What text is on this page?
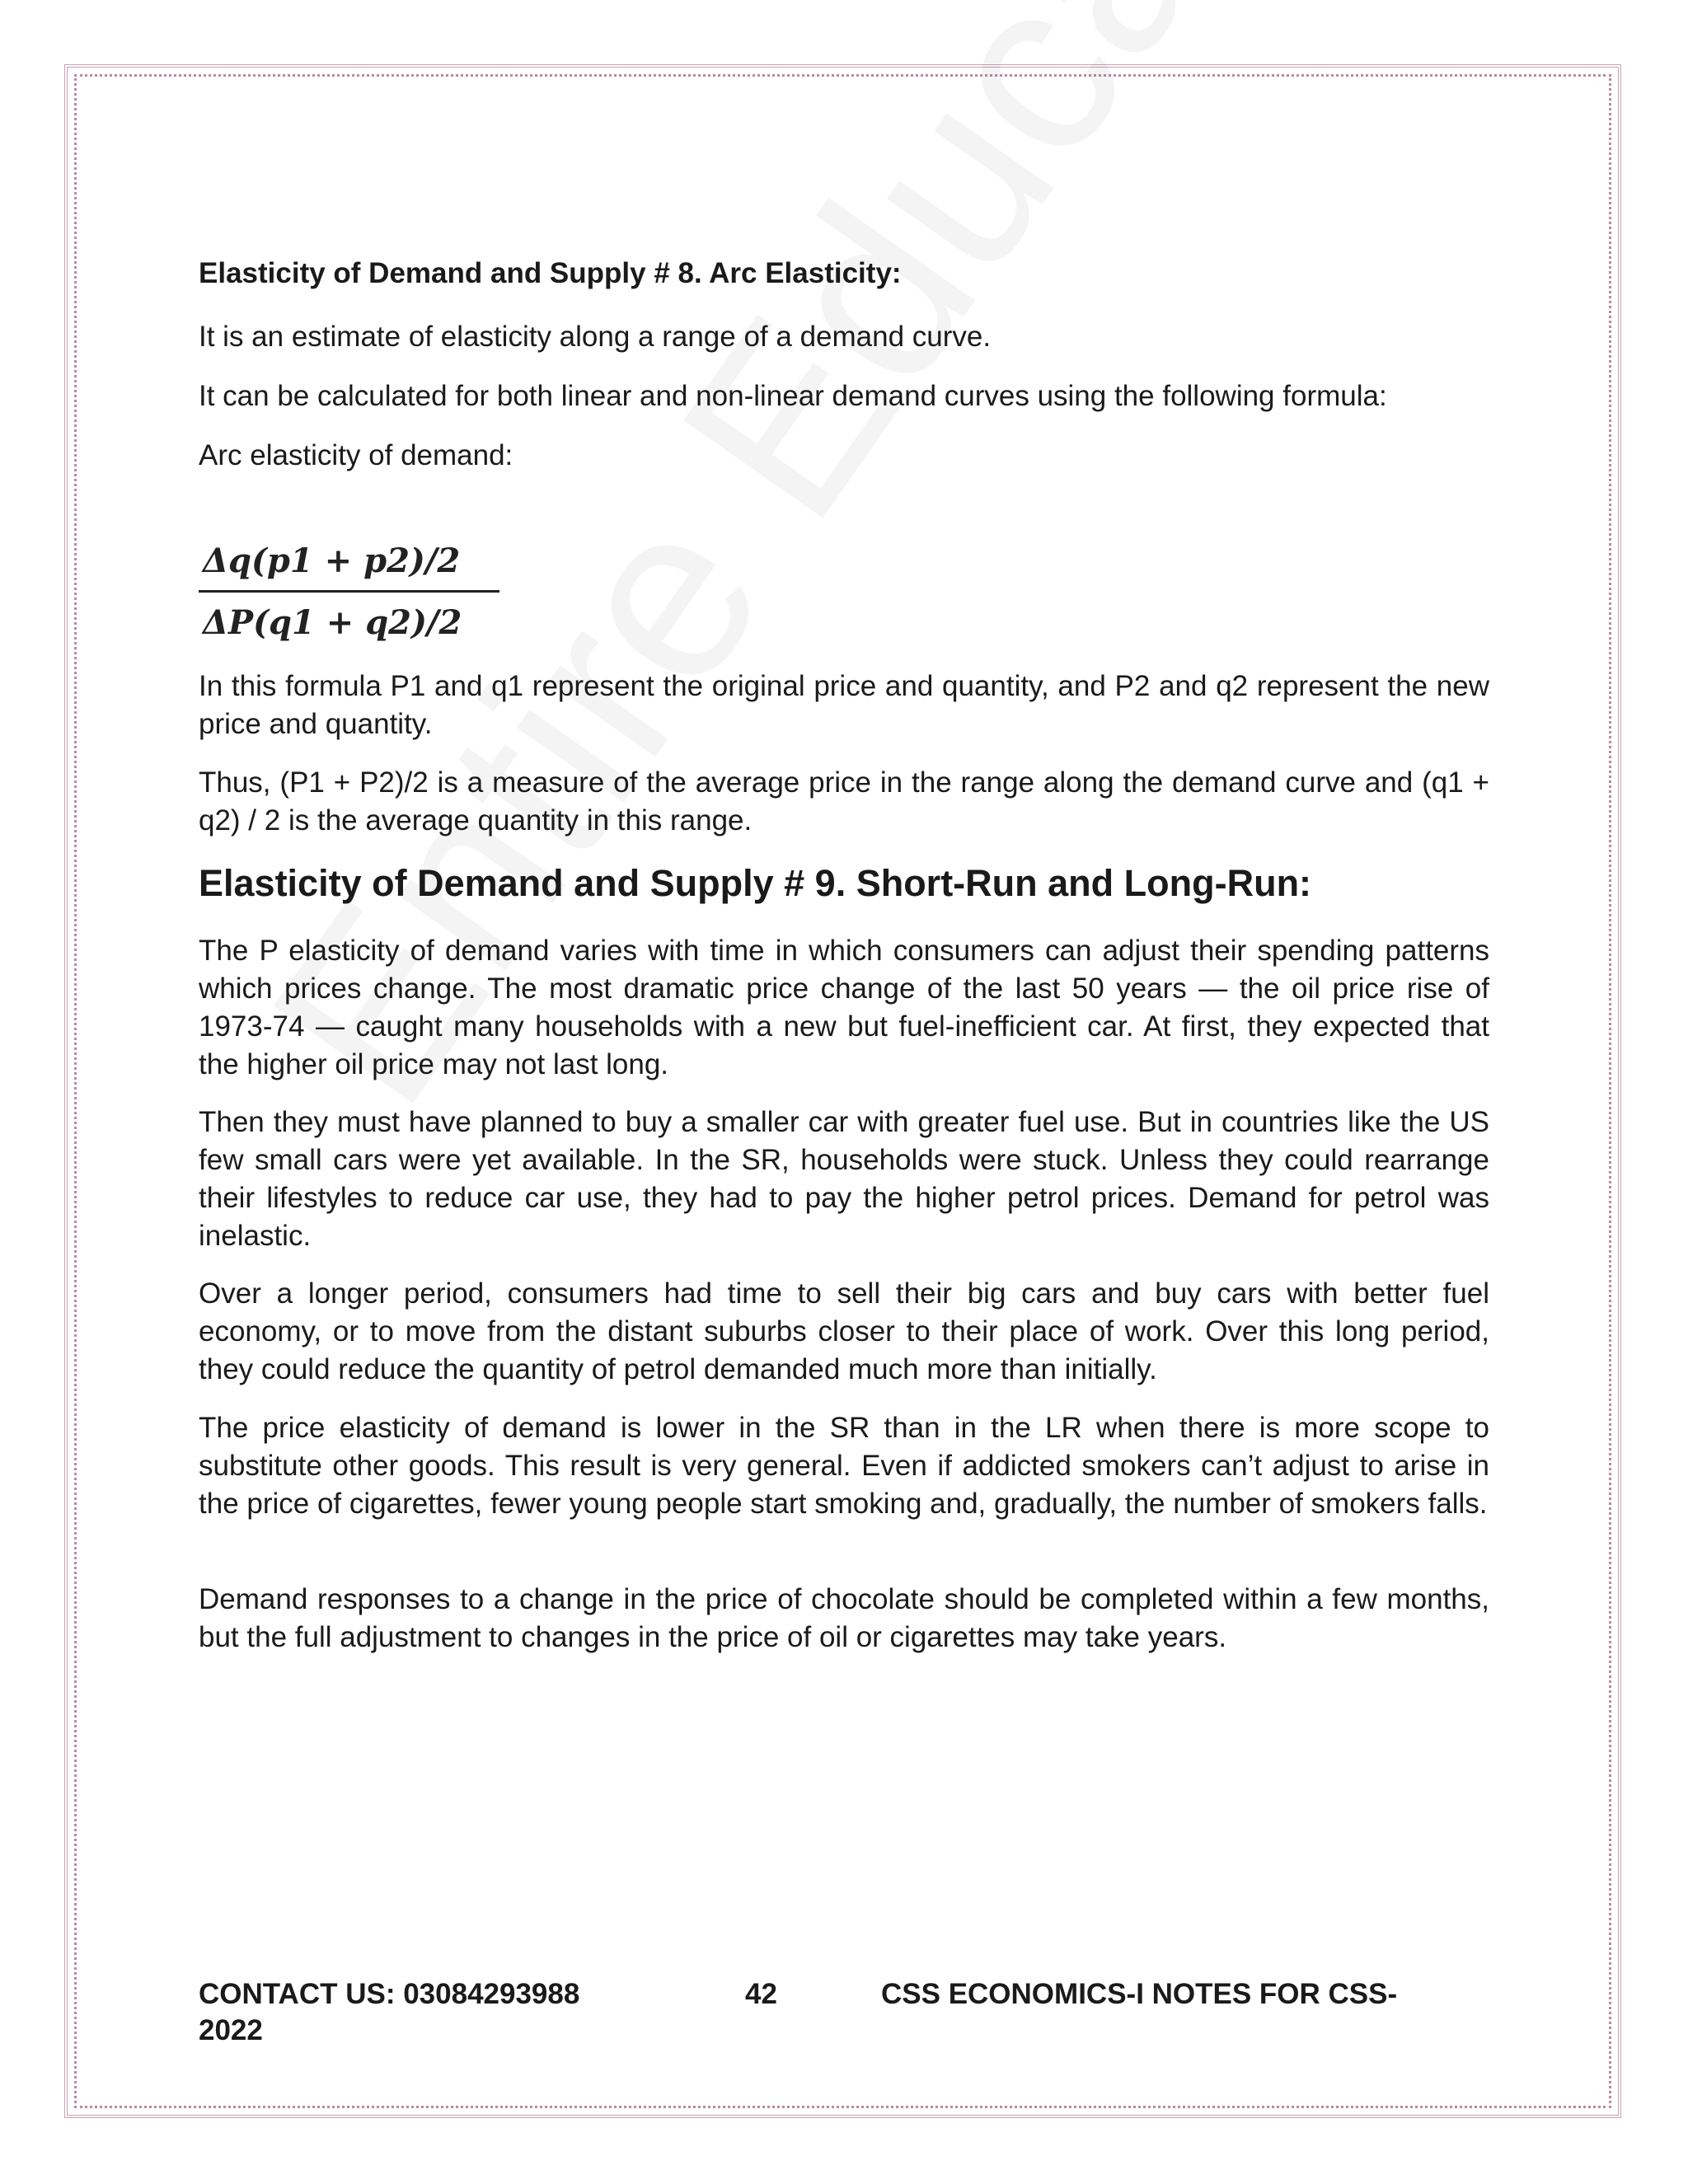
Elasticity of Demand and Supply # 8. Arc Elasticity:

It is an estimate of elasticity along a range of a demand curve.

It can be calculated for both linear and non-linear demand curves using the following formula:

Arc elasticity of demand:

Δq(p1 + p2)/2
ΔP(q1 + q2)/2

In this formula P1 and q1 represent the original price and quantity, and P2 and q2 represent the new price and quantity.

Thus, (P1 + P2)/2 is a measure of the average price in the range along the demand curve and (q1 + q2) / 2 is the average quantity in this range.

Elasticity of Demand and Supply # 9. Short-Run and Long-Run:

The P elasticity of demand varies with time in which consumers can adjust their spending patterns which prices change. The most dramatic price change of the last 50 years — the oil price rise of 1973-74 — caught many households with a new but fuel-inefficient car. At first, they expected that the higher oil price may not last long.

Then they must have planned to buy a smaller car with greater fuel use. But in countries like the US few small cars were yet available. In the SR, households were stuck. Unless they could rearrange their lifestyles to reduce car use, they had to pay the higher petrol prices. Demand for petrol was inelastic.

Over a longer period, consumers had time to sell their big cars and buy cars with better fuel economy, or to move from the distant suburbs closer to their place of work. Over this long period, they could reduce the quantity of petrol demanded much more than initially.

The price elasticity of demand is lower in the SR than in the LR when there is more scope to substitute other goods. This result is very general. Even if addicted smokers can’t adjust to arise in the price of cigarettes, fewer young people start smoking and, gradually, the number of smokers falls.

Demand responses to a change in the price of chocolate should be completed within a few months, but the full adjustment to changes in the price of oil or cigarettes may take years.

CONTACT US: 03084293988	42	CSS ECONOMICS-I NOTES FOR CSS-
2022
